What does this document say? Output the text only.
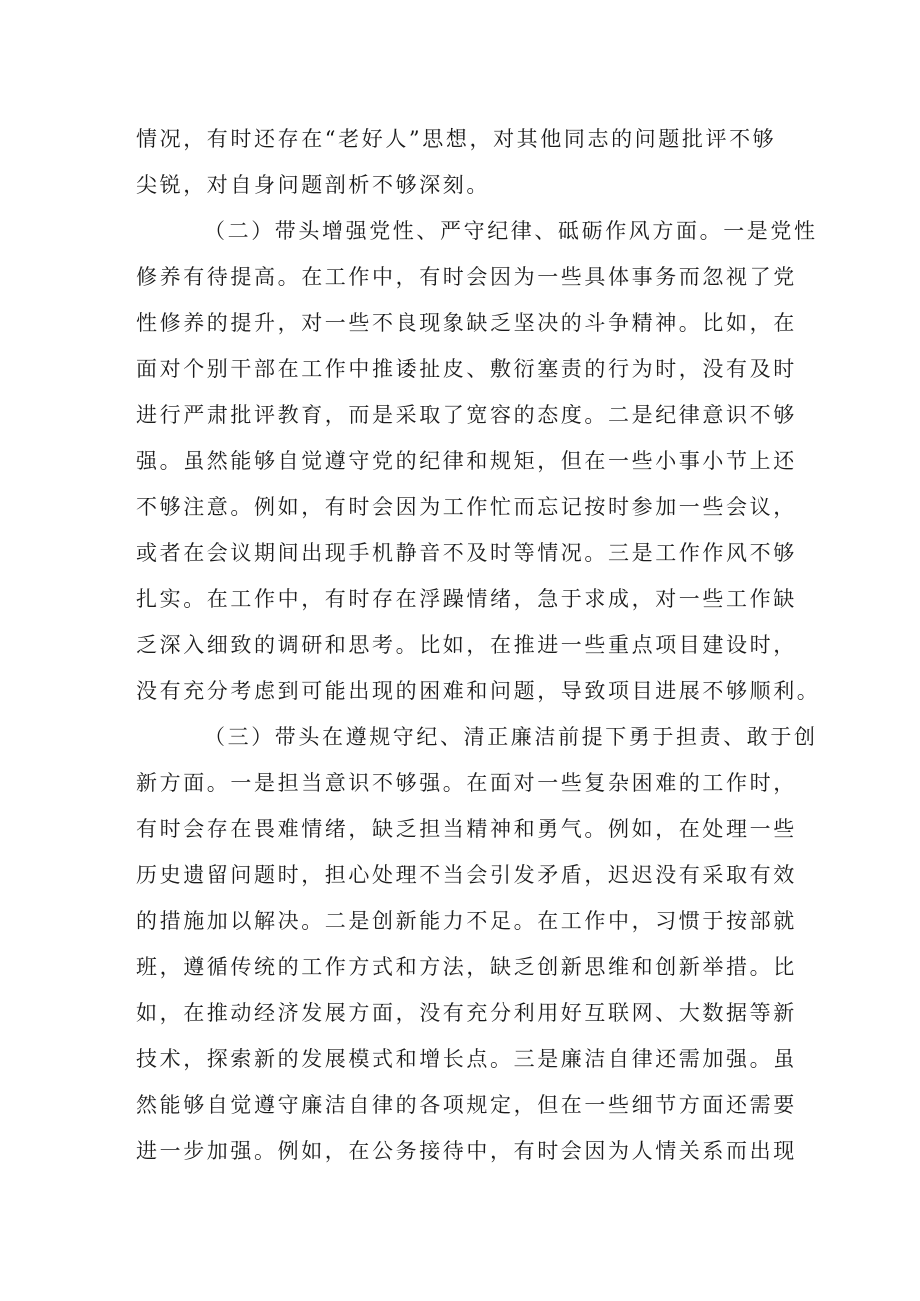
情况，有时还存在“老好人”思想，对其他同志的问题批评不够
尖锐，对自身问题剖析不够深刻。
（二）带头增强党性、严守纪律、砥砺作风方面。一是党性
修养有待提高。在工作中，有时会因为一些具体事务而忽视了党
性修养的提升，对一些不良现象缺乏坚决的斗争精神。比如，在
面对个别干部在工作中推诿扯皮、敷衍塞责的行为时，没有及时
进行严肃批评教育，而是采取了宽容的态度。二是纪律意识不够
强。虽然能够自觉遵守党的纪律和规矩，但在一些小事小节上还
不够注意。例如，有时会因为工作忙而忘记按时参加一些会议，
或者在会议期间出现手机静音不及时等情况。三是工作作风不够
扎实。在工作中，有时存在浮躁情绪，急于求成，对一些工作缺
乏深入细致的调研和思考。比如，在推进一些重点项目建设时，
没有充分考虑到可能出现的困难和问题，导致项目进展不够顺利。
（三）带头在遵规守纪、清正廉洁前提下勇于担责、敢于创
新方面。一是担当意识不够强。在面对一些复杂困难的工作时，
有时会存在畏难情绪，缺乏担当精神和勇气。例如，在处理一些
历史遗留问题时，担心处理不当会引发矛盾，迟迟没有采取有效
的措施加以解决。二是创新能力不足。在工作中，习惯于按部就
班，遵循传统的工作方式和方法，缺乏创新思维和创新举措。比
如，在推动经济发展方面，没有充分利用好互联网、大数据等新
技术，探索新的发展模式和增长点。三是廉洁自律还需加强。虽
然能够自觉遵守廉洁自律的各项规定，但在一些细节方面还需要
进一步加强。例如，在公务接待中，有时会因为人情关系而出现
